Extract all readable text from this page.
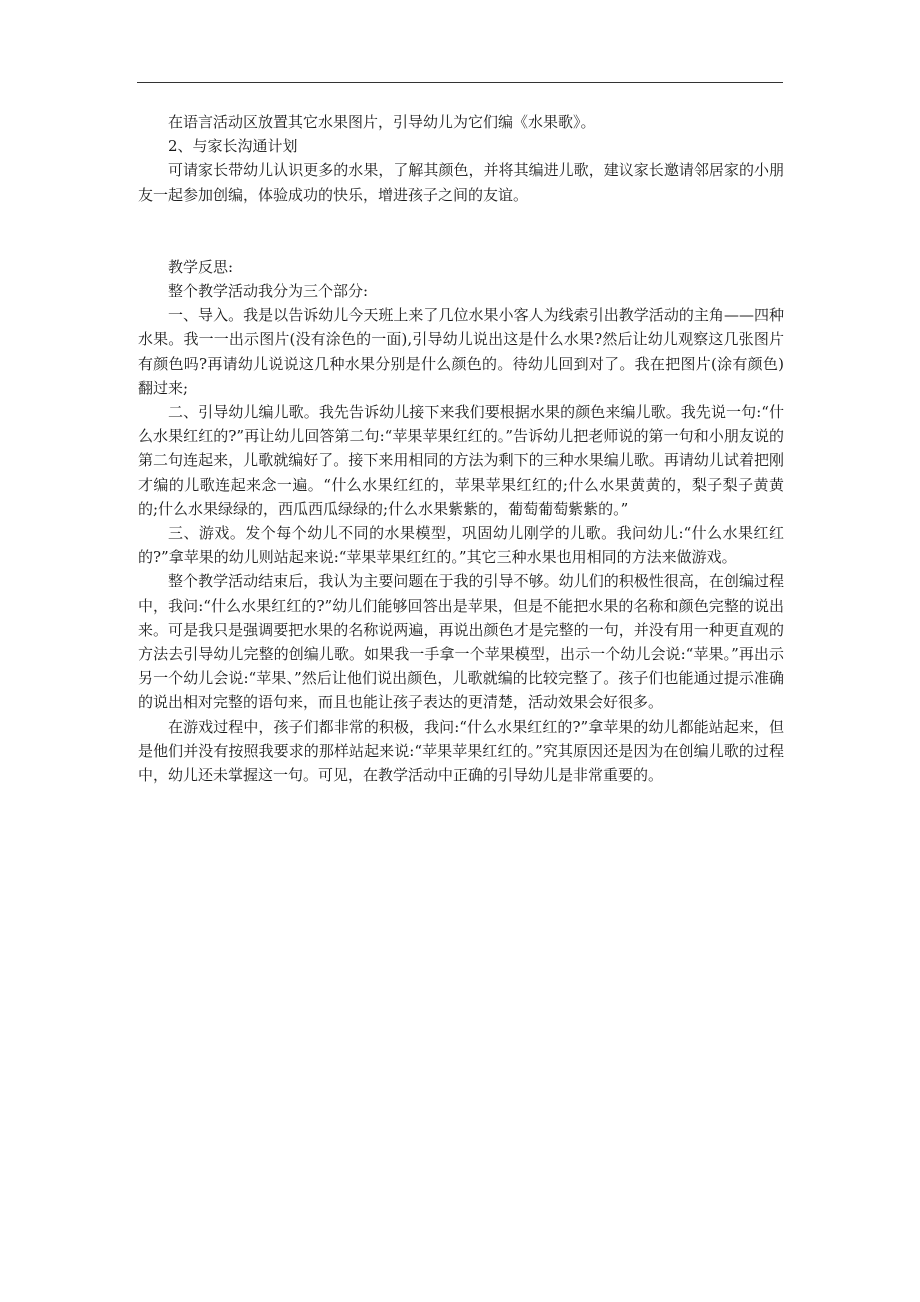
在语言活动区放置其它水果图片，引导幼儿为它们编《水果歌》。

2、与家长沟通计划

可请家长带幼儿认识更多的水果，了解其颜色，并将其编进儿歌，建议家长邀请邻居家的小朋友一起参加创编，体验成功的快乐，增进孩子之间的友谊。

教学反思:

整个教学活动我分为三个部分:

一、导入。我是以告诉幼儿今天班上来了几位水果小客人为线索引出教学活动的主角——四种水果。我一一出示图片(没有涂色的一面),引导幼儿说出这是什么水果?然后让幼儿观察这几张图片有颜色吗?再请幼儿说说这几种水果分别是什么颜色的。待幼儿回到对了。我在把图片(涂有颜色)翻过来;

二、引导幼儿编儿歌。我先告诉幼儿接下来我们要根据水果的颜色来编儿歌。我先说一句:“什么水果红红的?”再让幼儿回答第二句:“苹果苹果红红的。”告诉幼儿把老师说的第一句和小朋友说的第二句连起来，儿歌就编好了。接下来用相同的方法为剩下的三种水果编儿歌。再请幼儿试着把刚才编的儿歌连起来念一遍。“什么水果红红的，苹果苹果红红的;什么水果黄黄的，梨子梨子黄黄的;什么水果绿绿的，西瓜西瓜绿绿的;什么水果紫紫的，葡萄葡萄紫紫的。”

三、游戏。发个每个幼儿不同的水果模型，巩固幼儿刚学的儿歌。我问幼儿:“什么水果红红的?”拿苹果的幼儿则站起来说:“苹果苹果红红的。”其它三种水果也用相同的方法来做游戏。

整个教学活动结束后，我认为主要问题在于我的引导不够。幼儿们的积极性很高，在创编过程中，我问:“什么水果红红的?”幼儿们能够回答出是苹果，但是不能把水果的名称和颜色完整的说出来。可是我只是强调要把水果的名称说两遍，再说出颜色才是完整的一句，并没有用一种更直观的方法去引导幼儿完整的创编儿歌。如果我一手拿一个苹果模型，出示一个幼儿会说:“苹果。”再出示另一个幼儿会说:“苹果、”然后让他们说出颜色，儿歌就编的比较完整了。孩子们也能通过提示准确的说出相对完整的语句来，而且也能让孩子表达的更清楚，活动效果会好很多。

在游戏过程中，孩子们都非常的积极，我问:“什么水果红红的?”拿苹果的幼儿都能站起来，但是他们并没有按照我要求的那样站起来说:“苹果苹果红红的。”究其原因还是因为在创编儿歌的过程中，幼儿还未掌握这一句。可见，在教学活动中正确的引导幼儿是非常重要的。
